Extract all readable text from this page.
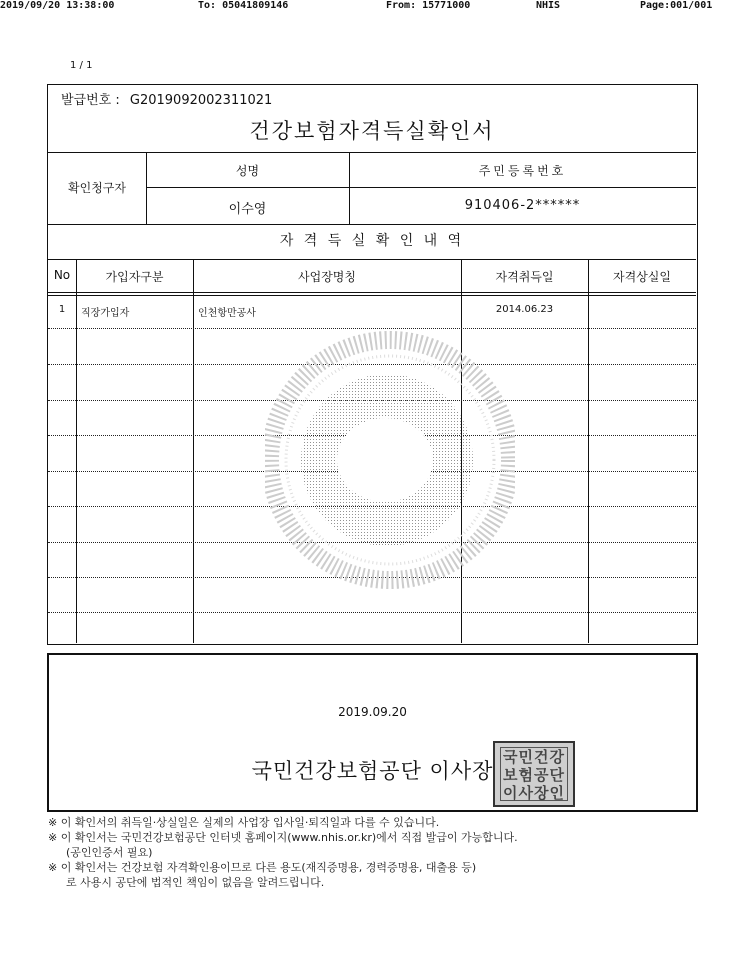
2019/09/20 13:38:00	To: 05041809146	From: 15771000	NHIS	Page:001/001
1 / 1
발급번호 : G2019092002311021
건강보험자격득실확인서
확인청구자
성명	주민등록번호
이수영	910406-2******
자 격 득 실 확 인 내 역
No	가입자구분	사업장명칭	자격취득일	자격상실일
1	직장가입자	인천항만공사	2014.06.23
2019.09.20
국민건강보험공단 이사장
국민건강보험공단이사장인
※ 이 확인서의 취득일·상실일은 실제의 사업장 입사일·퇴직일과 다를 수 있습니다.
※ 이 확인서는 국민건강보험공단 인터넷 홈페이지(www.nhis.or.kr)에서 직접 발급이 가능합니다.
(공인인증서 필요)
※ 이 확인서는 건강보험 자격확인용이므로 다른 용도(재직증명용, 경력증명용, 대출용 등)
로 사용시 공단에 법적인 책임이 없음을 알려드립니다.
